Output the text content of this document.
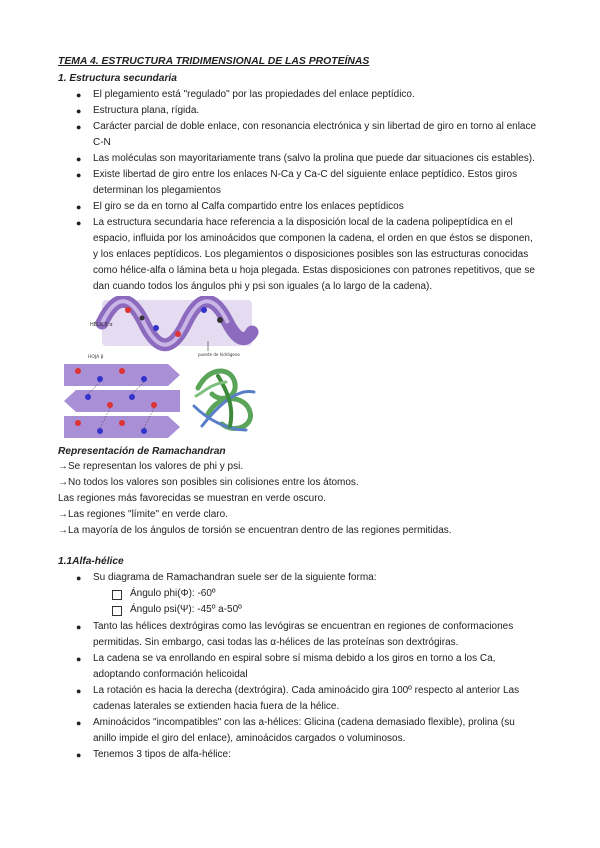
TEMA 4. ESTRUCTURA TRIDIMENSIONAL DE LAS PROTEÍNAS
1. Estructura secundaria
● El plegamiento está "regulado" por las propiedades del enlace peptídico.
● Estructura plana, rígida.
● Carácter parcial de doble enlace, con resonancia electrónica y sin libertad de giro en torno al enlace C-N
● Las moléculas son mayoritariamente trans (salvo la prolina que puede dar situaciones cis estables).
● Existe libertad de giro entre los enlaces N-Ca y Ca-C del siguiente enlace peptídico. Estos giros determinan los plegamientos
● El giro se da en torno al Calfa compartido entre los enlaces peptídicos
● La estructura secundaria hace referencia a la disposición local de la cadena polipeptídica en el espacio, influida por los aminoácidos que componen la cadena, el orden en que éstos se disponen, y los enlaces peptídicos. Los plegamientos o disposiciones posibles son las estructuras conocidas como hélice-alfa o lámina beta u hoja plegada. Estas disposiciones con patrones repetitivos, que se dan cuando todos los ángulos phi y psi son iguales (a lo largo de la cadena).
HÉLICE α
puente de hidrógeno
HOJA β
Representación de Ramachandran
→Se representan los valores de phi y psi.
→No todos los valores son posibles sin colisiones entre los átomos.
Las regiones más favorecidas se muestran en verde oscuro.
→Las regiones "límite" en verde claro.
→La mayoría de los ángulos de torsión se encuentran dentro de las regiones permitidas.
1.1Alfa-hélice
● Su diagrama de Ramachandran suele ser de la siguiente forma:
Ángulo phi(Φ): -60º
Ángulo psi(Ψ): -45º a-50º
● Tanto las hélices dextrógiras como las levógiras se encuentran en regiones de conformaciones permitidas. Sin embargo, casi todas las α-hélices de las proteínas son dextrógiras.
● La cadena se va enrollando en espiral sobre sí misma debido a los giros en torno a los Ca, adoptando conformación helicoidal
● La rotación es hacia la derecha (dextrógira). Cada aminoácido gira 100º respecto al anterior Las cadenas laterales se extienden hacia fuera de la hélice.
● Aminoácidos "incompatibles" con las a-hélices: Glicina (cadena demasiado flexible), prolina (su anillo impide el giro del enlace), aminoácidos cargados o voluminosos.
● Tenemos 3 tipos de alfa-hélice:
